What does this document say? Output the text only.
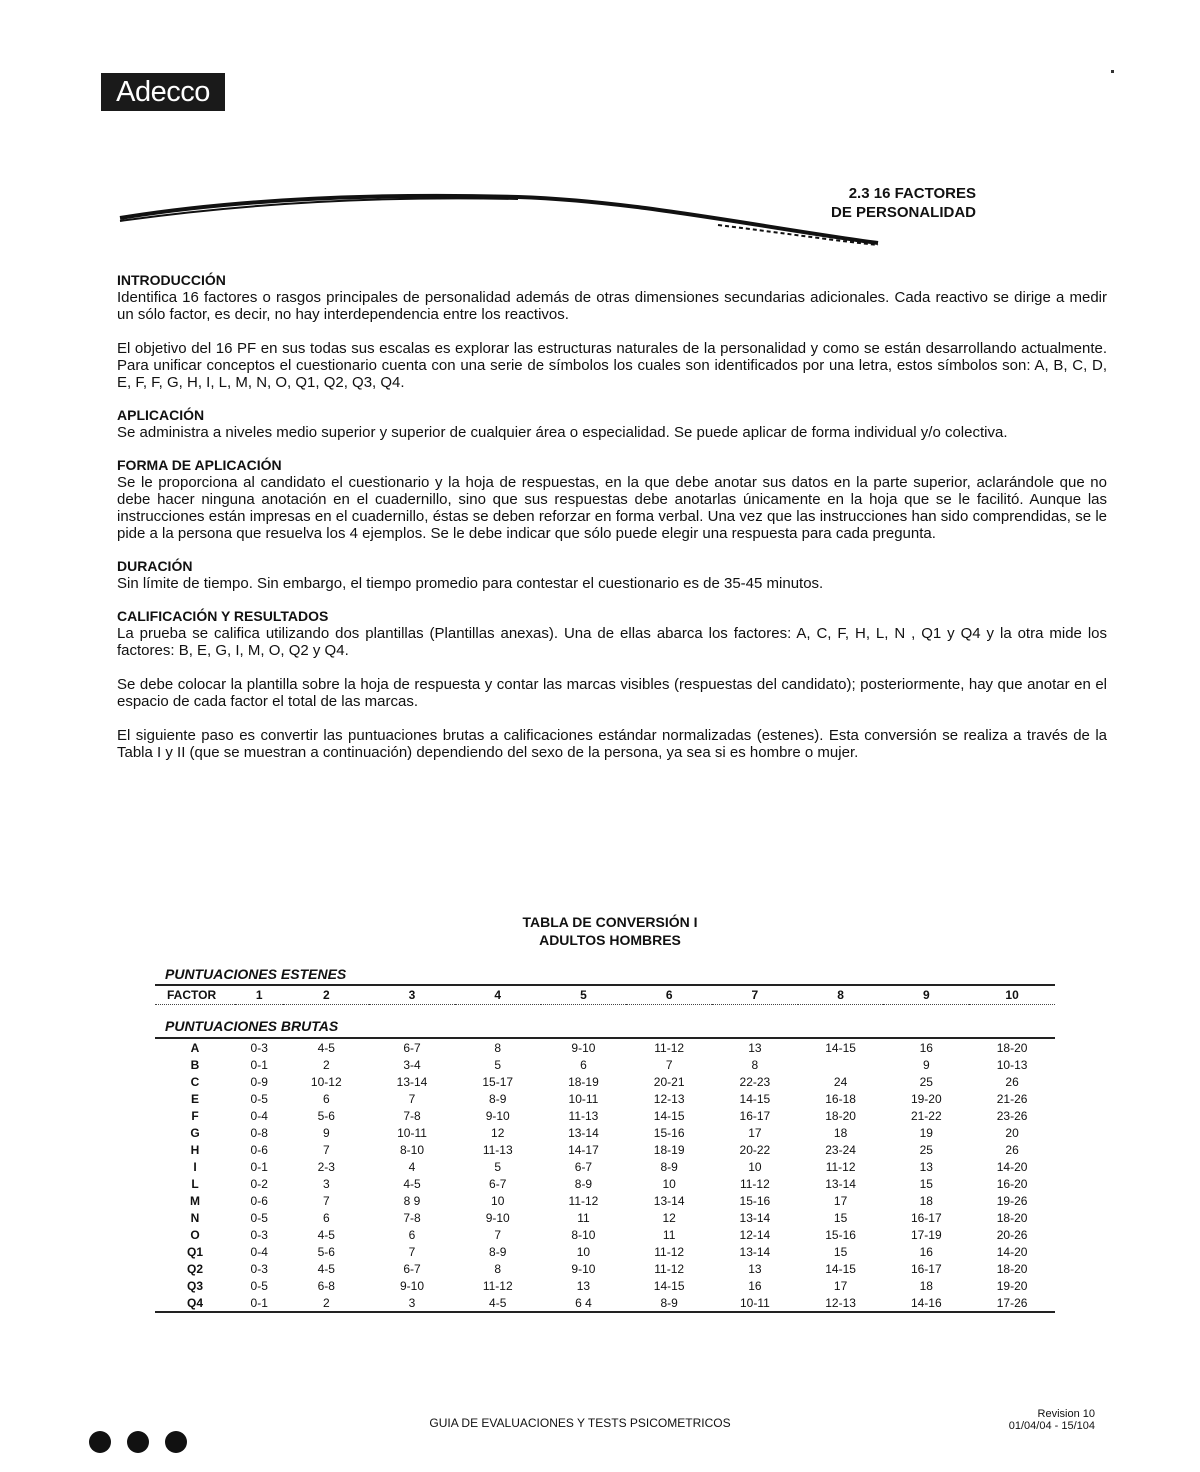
Adecco
2.3 16 FACTORES
DE PERSONALIDAD
INTRODUCCIÓN

Identifica 16 factores o rasgos principales de personalidad además de otras dimensiones secundarias adicionales. Cada reactivo se dirige a medir un sólo factor, es decir, no hay interdependencia entre los reactivos.

El objetivo del 16 PF en sus todas sus escalas es explorar las estructuras naturales de la personalidad y como se están desarrollando actualmente. Para unificar conceptos el cuestionario cuenta con una serie de símbolos los cuales son identificados por una letra, estos símbolos son: A, B, C, D, E, F, F, G, H, I, L, M, N, O, Q1, Q2, Q3, Q4.

APLICACIÓN

Se administra a niveles medio superior y superior de cualquier área o especialidad. Se puede aplicar de forma individual y/o colectiva.

FORMA DE APLICACIÓN

Se le proporciona al candidato el cuestionario y la hoja de respuestas, en la que debe anotar sus datos en la parte superior, aclarándole que no debe hacer ninguna anotación en el cuadernillo, sino que sus respuestas debe anotarlas únicamente en la hoja que se le facilitó. Aunque las instrucciones están impresas en el cuadernillo, éstas se deben reforzar en forma verbal. Una vez que las instrucciones han sido comprendidas, se le pide a la persona que resuelva los 4 ejemplos. Se le debe indicar que sólo puede elegir una respuesta para cada pregunta.

DURACIÓN

Sin límite de tiempo. Sin embargo, el tiempo promedio para contestar el cuestionario es de 35-45 minutos.

CALIFICACIÓN Y RESULTADOS

La prueba se califica utilizando dos plantillas (Plantillas anexas). Una de ellas abarca los factores: A, C, F, H, L, N , Q1 y Q4 y la otra mide los factores: B, E, G, I, M, O, Q2 y Q4.

Se debe colocar la plantilla sobre la hoja de respuesta y contar las marcas visibles (respuestas del candidato); posteriormente, hay que anotar en el espacio de cada factor el total de las marcas.

El siguiente paso es convertir las puntuaciones brutas a calificaciones estándar normalizadas (estenes). Esta conversión se realiza a través de la Tabla I y II (que se muestran a continuación) dependiendo del sexo de la persona, ya sea si es hombre o mujer.

TABLA DE CONVERSIÓN I
ADULTOS HOMBRES
PUNTUACIONES ESTENES
PUNTUACIONES BRUTAS
FACTOR	1	2	3	4	5	6	7	8	9	10

A	0-3	4-5	6-7	8	9-10	11-12	13	14-15	16	18-20
B	0-1	2	3-4	5	6	7	8		9	10-13
C	0-9	10-12	13-14	15-17	18-19	20-21	22-23	24	25	26
E	0-5	6	7	8-9	10-11	12-13	14-15	16-18	19-20	21-26
F	0-4	5-6	7-8	9-10	11-13	14-15	16-17	18-20	21-22	23-26
G	0-8	9	10-11	12	13-14	15-16	17	18	19	20
H	0-6	7	8-10	11-13	14-17	18-19	20-22	23-24	25	26
I	0-1	2-3	4	5	6-7	8-9	10	11-12	13	14-20
L	0-2	3	4-5	6-7	8-9	10	11-12	13-14	15	16-20
M	0-6	7	8 9	10	11-12	13-14	15-16	17	18	19-26
N	0-5	6	7-8	9-10	11	12	13-14	15	16-17	18-20
O	0-3	4-5	6	7	8-10	11	12-14	15-16	17-19	20-26
Q1	0-4	5-6	7	8-9	10	11-12	13-14	15	16	14-20
Q2	0-3	4-5	6-7	8	9-10	11-12	13	14-15	16-17	18-20
Q3	0-5	6-8	9-10	11-12	13	14-15	16	17	18	19-20
Q4	0-1	2	3	4-5	6 4	8-9	10-11	12-13	14-16	17-26
GUIA DE EVALUACIONES Y TESTS PSICOMETRICOS
Revision 10
01/04/04 - 15/104
